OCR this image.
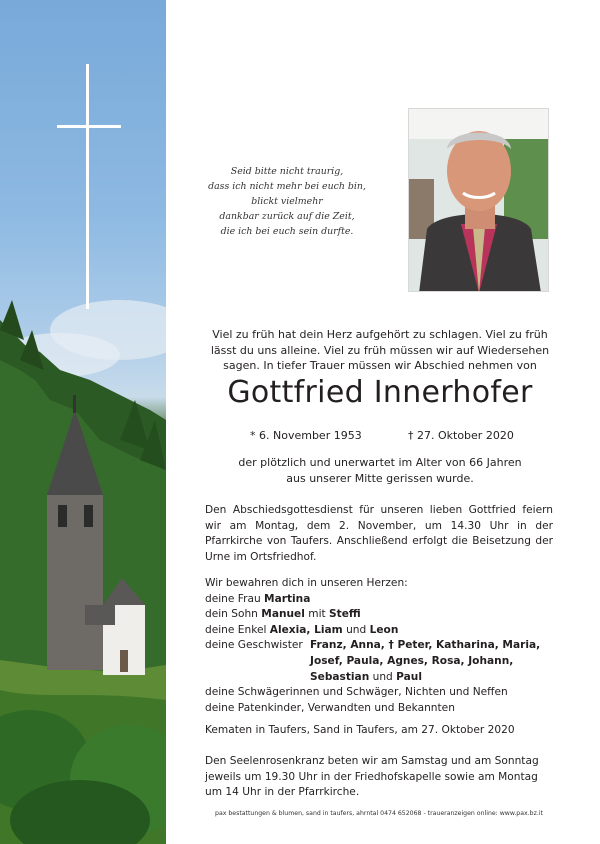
Seid bitte nicht traurig,
dass ich nicht mehr bei euch bin,
blickt vielmehr
dankbar zurück auf die Zeit,
die ich bei euch sein durfte.
Viel zu früh hat dein Herz aufgehört zu schlagen. Viel zu früh
lässt du uns alleine. Viel zu früh müssen wir auf Wiedersehen
sagen. In tiefer Trauer müssen wir Abschied nehmen von
Gottfried Innerhofer
* 6. November 1953	† 27. Oktober 2020
der plötzlich und unerwartet im Alter von 66 Jahren
aus unserer Mitte gerissen wurde.
Den Abschiedsgottesdienst für unseren lieben Gottfried feiern
wir am Montag, dem 2. November, um 14.30 Uhr in der
Pfarrkirche von Taufers. Anschließend erfolgt die Beisetzung der
Urne im Ortsfriedhof.
Wir bewahren dich in unseren Herzen:
deine Frau Martina
dein Sohn Manuel mit Steffi
deine Enkel Alexia, Liam und Leon
deine Geschwister Franz, Anna, † Peter, Katharina, Maria,
Josef, Paula, Agnes, Rosa, Johann,
Sebastian und Paul
deine Schwägerinnen und Schwäger, Nichten und Neffen
deine Patenkinder, Verwandten und Bekannten
Kematen in Taufers, Sand in Taufers, am 27. Oktober 2020
Den Seelenrosenkranz beten wir am Samstag und am Sonntag
jeweils um 19.30 Uhr in der Friedhofskapelle sowie am Montag
um 14 Uhr in der Pfarrkirche.
pax bestattungen & blumen, sand in taufers, ahrntal 0474 652068 - traueranzeigen online: www.pax.bz.it
